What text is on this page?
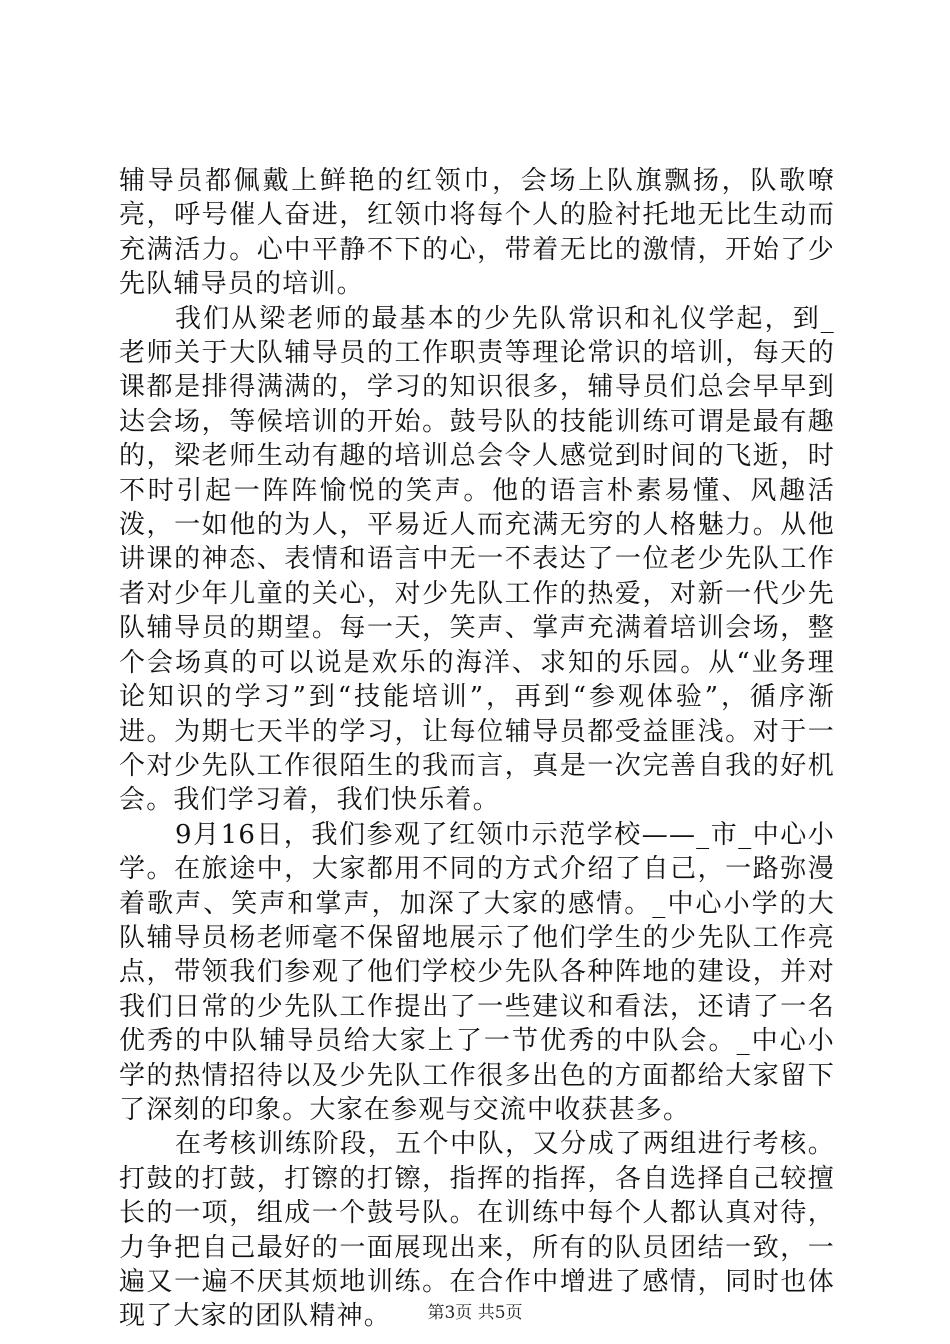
辅导员都佩戴上鲜艳的红领巾，会场上队旗飘扬，队歌嘹亮，呼号催人奋进，红领巾将每个人的脸衬托地无比生动而充满活力。心中平静不下的心，带着无比的激情，开始了少先队辅导员的培训。

我们从梁老师的最基本的少先队常识和礼仪学起，到_老师关于大队辅导员的工作职责等理论常识的培训，每天的课都是排得满满的，学习的知识很多，辅导员们总会早早到达会场，等候培训的开始。鼓号队的技能训练可谓是最有趣的，梁老师生动有趣的培训总会令人感觉到时间的飞逝，时不时引起一阵阵愉悦的笑声。他的语言朴素易懂、风趣活泼，一如他的为人，平易近人而充满无穷的人格魅力。从他讲课的神态、表情和语言中无一不表达了一位老少先队工作者对少年儿童的关心，对少先队工作的热爱，对新一代少先队辅导员的期望。每一天，笑声、掌声充满着培训会场，整个会场真的可以说是欢乐的海洋、求知的乐园。从“业务理论知识的学习”到“技能培训”，再到“参观体验”，循序渐进。为期七天半的学习，让每位辅导员都受益匪浅。对于一个对少先队工作很陌生的我而言，真是一次完善自我的好机会。我们学习着，我们快乐着。

9月16日，我们参观了红领巾示范学校——_市_中心小学。在旅途中，大家都用不同的方式介绍了自己，一路弥漫着歌声、笑声和掌声，加深了大家的感情。_中心小学的大队辅导员杨老师毫不保留地展示了他们学生的少先队工作亮点，带领我们参观了他们学校少先队各种阵地的建设，并对我们日常的少先队工作提出了一些建议和看法，还请了一名优秀的中队辅导员给大家上了一节优秀的中队会。_中心小学的热情招待以及少先队工作很多出色的方面都给大家留下了深刻的印象。大家在参观与交流中收获甚多。

在考核训练阶段，五个中队，又分成了两组进行考核。打鼓的打鼓，打镲的打镲，指挥的指挥，各自选择自己较擅长的一项，组成一个鼓号队。在训练中每个人都认真对待，力争把自己最好的一面展现出来，所有的队员团结一致，一遍又一遍不厌其烦地训练。在合作中增进了感情，同时也体现了大家的团队精神。	第3页 共5页
